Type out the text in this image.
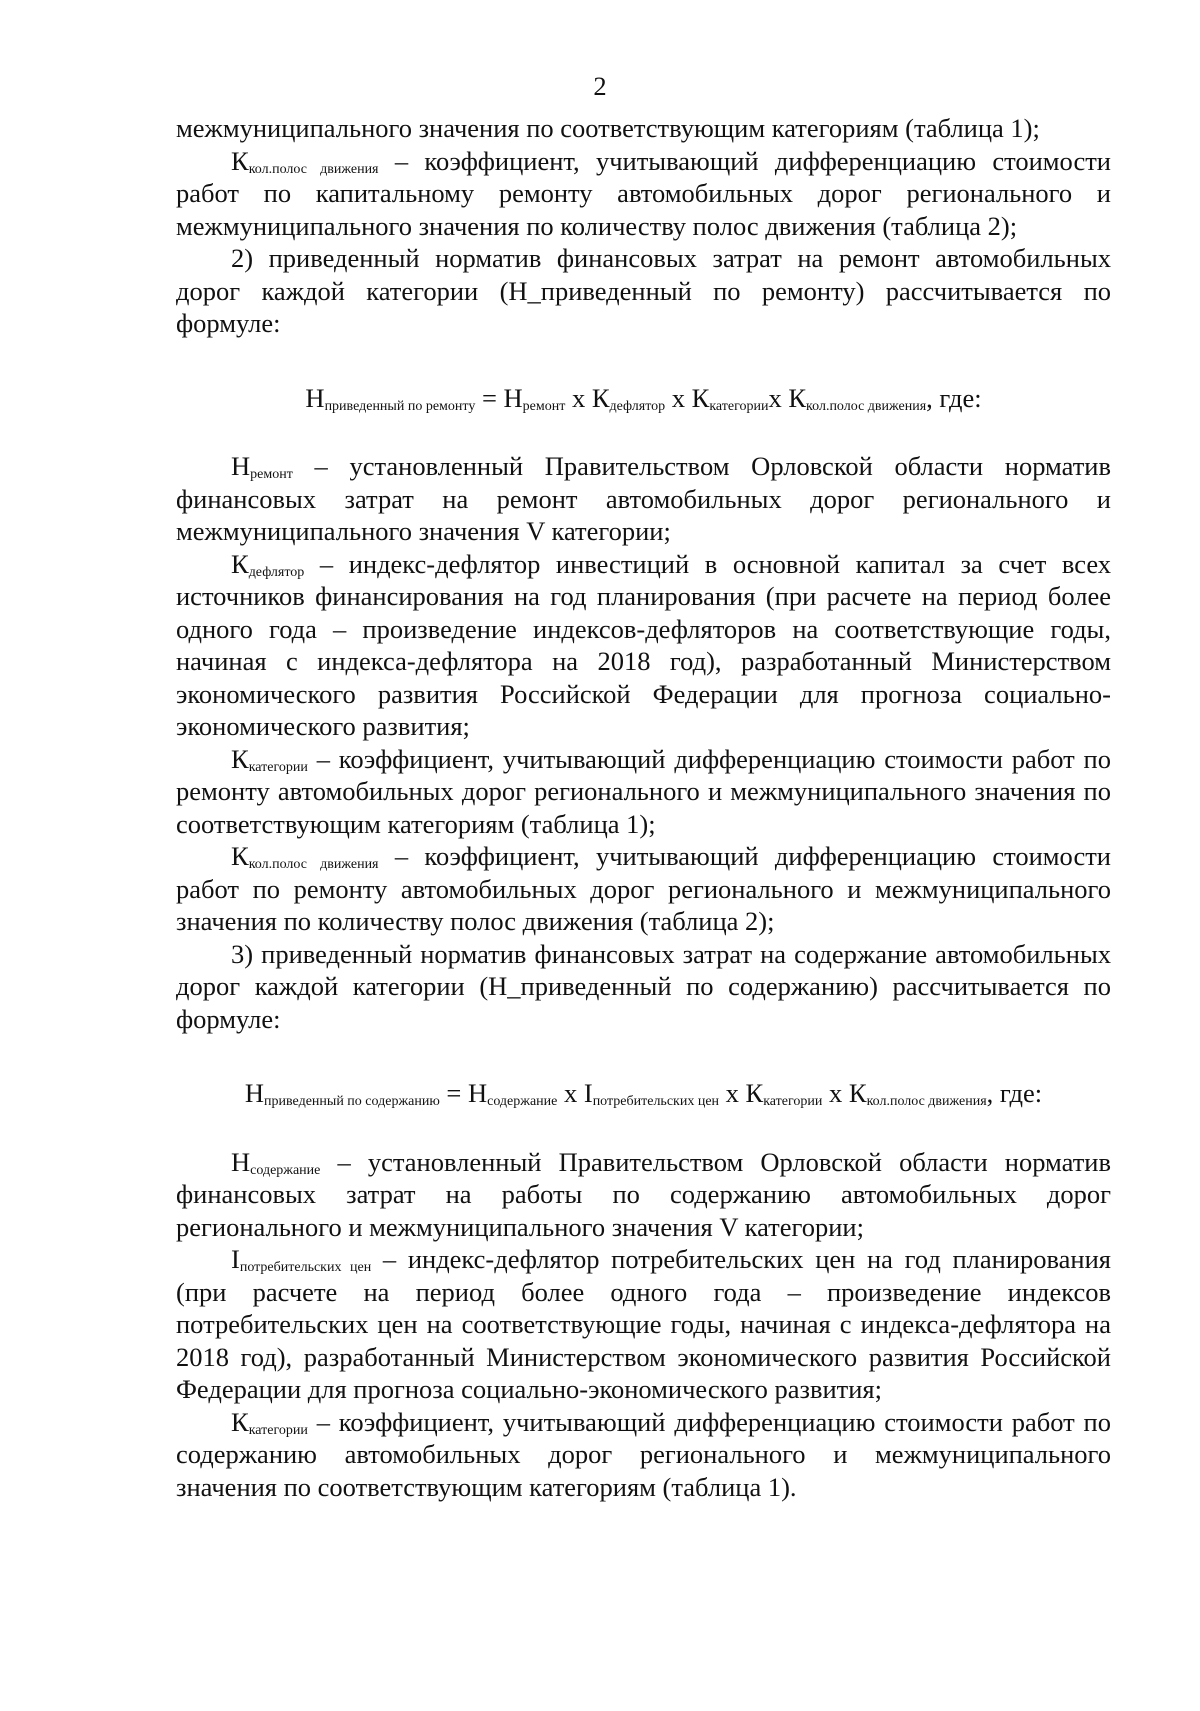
2
межмуниципального значения по соответствующим категориям (таблица 1);
$К_{кол.полос движения}$ – коэффициент, учитывающий дифференциацию стоимости работ по капитальному ремонту автомобильных дорог регионального и межмуниципального значения по количеству полос движения (таблица 2);
2) приведенный норматив финансовых затрат на ремонт автомобильных дорог каждой категории (Н_приведенный по ремонту) рассчитывается по формуле:
$Н_{приведенный по ремонту} = Н_{ремонт}$ х $К_{дефлятор}$ х $К_{категории}х$ $К_{кол.полос движения}$, где:
$Н_{ремонт}$ – установленный Правительством Орловской области норматив финансовых затрат на ремонт автомобильных дорог регионального и межмуниципального значения V категории;
$К_{дефлятор}$ – индекс-дефлятор инвестиций в основной капитал за счет всех источников финансирования на год планирования (при расчете на период более одного года – произведение индексов-дефляторов на соответствующие годы, начиная с индекса-дефлятора на 2018 год), разработанный Министерством экономического развития Российской Федерации для прогноза социально-экономического развития;
$К_{категории}$ – коэффициент, учитывающий дифференциацию стоимости работ по ремонту автомобильных дорог регионального и межмуниципального значения по соответствующим категориям (таблица 1);
$К_{кол.полос движения}$ – коэффициент, учитывающий дифференциацию стоимости работ по ремонту автомобильных дорог регионального и межмуниципального значения по количеству полос движения (таблица 2);
3) приведенный норматив финансовых затрат на содержание автомобильных дорог каждой категории (Н_приведенный по содержанию) рассчитывается по формуле:
$Н_{приведенный по содержанию} = Н_{содержание}$ х $I_{потребительских цен}$ х $К_{категории}$ х $К_{кол.полос движения}$, где:
$Н_{содержание}$ – установленный Правительством Орловской области норматив финансовых затрат на работы по содержанию автомобильных дорог регионального и межмуниципального значения V категории;
$I_{потребительских цен}$ – индекс-дефлятор потребительских цен на год планирования (при расчете на период более одного года – произведение индексов потребительских цен на соответствующие годы, начиная с индекса-дефлятора на 2018 год), разработанный Министерством экономического развития Российской Федерации для прогноза социально-экономического развития;
$К_{категории}$ – коэффициент, учитывающий дифференциацию стоимости работ по содержанию автомобильных дорог регионального и межмуниципального значения по соответствующим категориям (таблица 1).
